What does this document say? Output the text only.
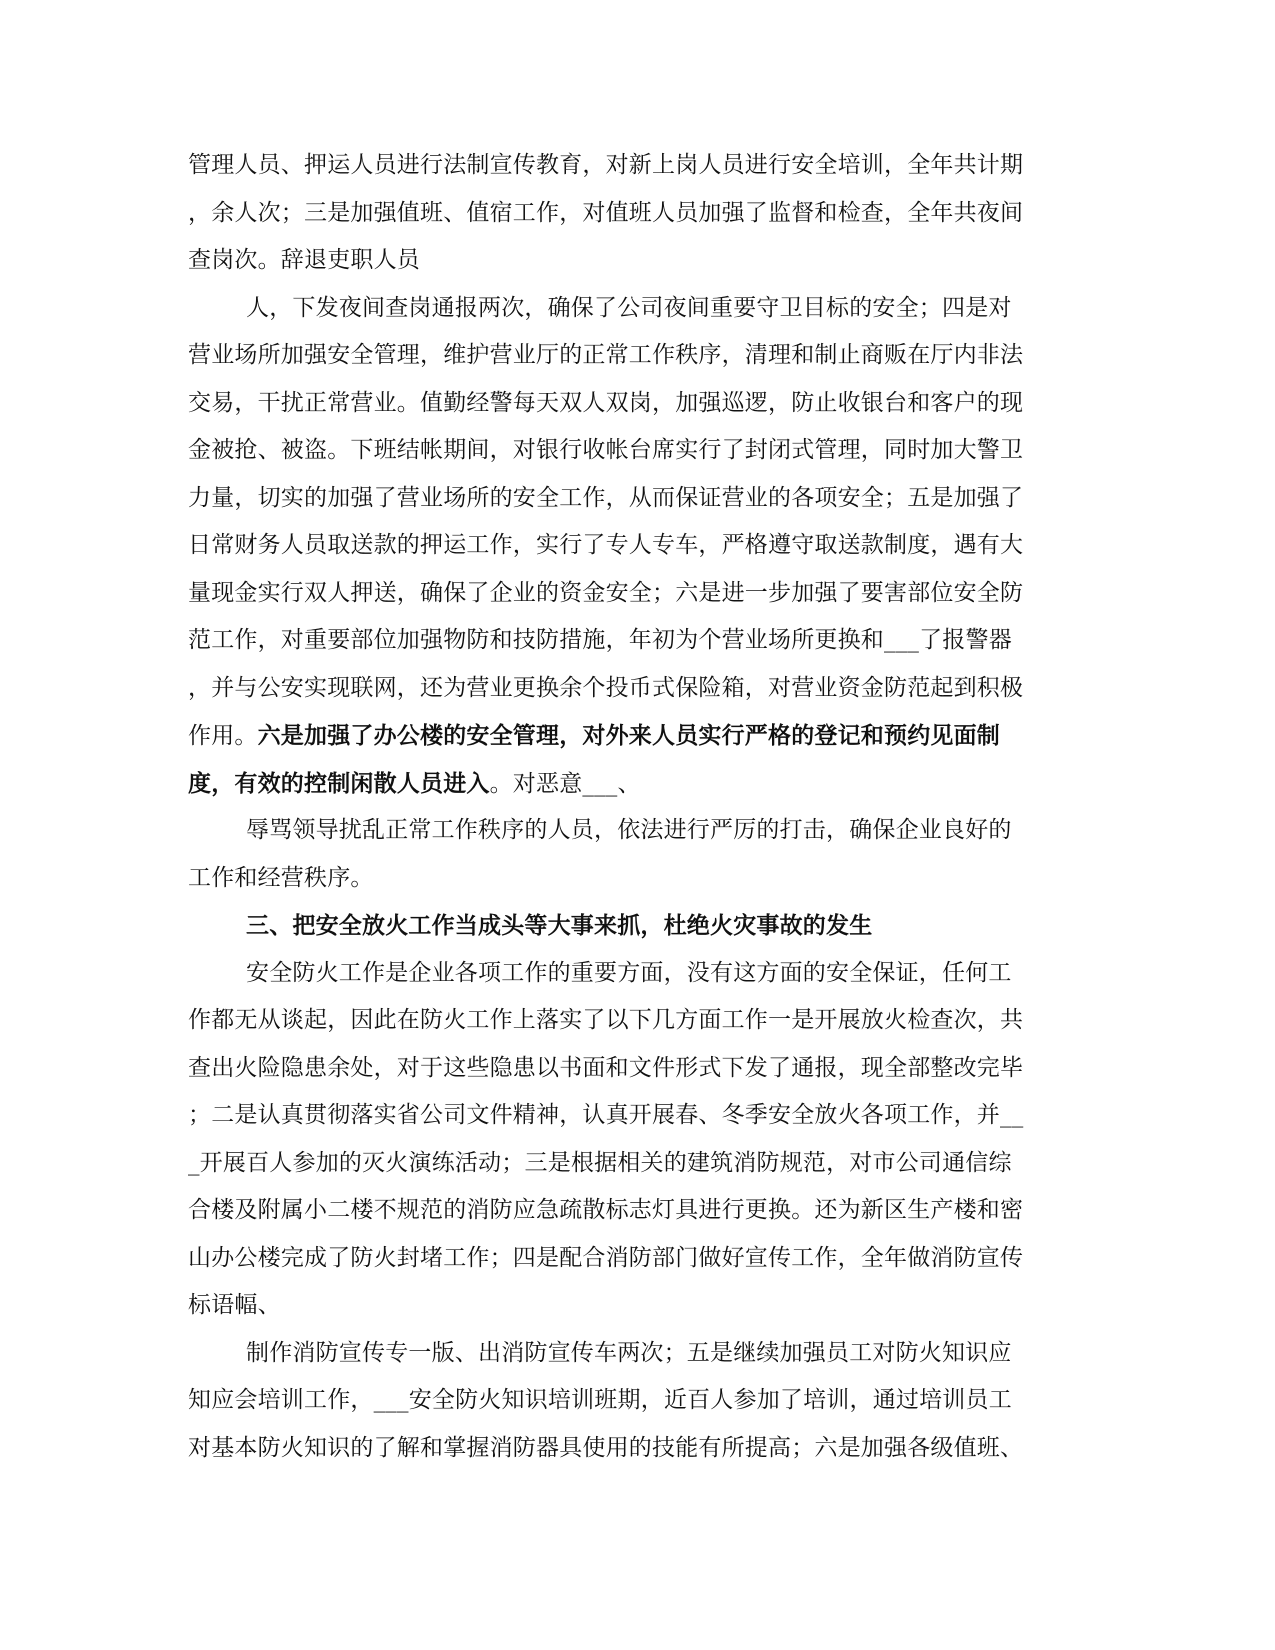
管理人员、押运人员进行法制宣传教育，对新上岗人员进行安全培训，全年共计期
，余人次；三是加强值班、值宿工作，对值班人员加强了监督和检查，全年共夜间
查岗次。辞退吏职人员
人，下发夜间查岗通报两次，确保了公司夜间重要守卫目标的安全；四是对
营业场所加强安全管理，维护营业厅的正常工作秩序，清理和制止商贩在厅内非法
交易，干扰正常营业。值勤经警每天双人双岗，加强巡逻，防止收银台和客户的现
金被抢、被盗。下班结帐期间，对银行收帐台席实行了封闭式管理，同时加大警卫
力量，切实的加强了营业场所的安全工作，从而保证营业的各项安全；五是加强了
日常财务人员取送款的押运工作，实行了专人专车，严格遵守取送款制度，遇有大
量现金实行双人押送，确保了企业的资金安全；六是进一步加强了要害部位安全防
范工作，对重要部位加强物防和技防措施，年初为个营业场所更换和___了报警器
，并与公安实现联网，还为营业更换余个投币式保险箱，对营业资金防范起到积极
作用。六是加强了办公楼的安全管理，对外来人员实行严格的登记和预约见面制
度，有效的控制闲散人员进入。对恶意___、
辱骂领导扰乱正常工作秩序的人员，依法进行严厉的打击，确保企业良好的
工作和经营秩序。
三、把安全放火工作当成头等大事来抓，杜绝火灾事故的发生
安全防火工作是企业各项工作的重要方面，没有这方面的安全保证，任何工
作都无从谈起，因此在防火工作上落实了以下几方面工作一是开展放火检查次，共
查出火险隐患余处，对于这些隐患以书面和文件形式下发了通报，现全部整改完毕
；二是认真贯彻落实省公司文件精神，认真开展春、冬季安全放火各项工作，并__
_开展百人参加的灭火演练活动；三是根据相关的建筑消防规范，对市公司通信综
合楼及附属小二楼不规范的消防应急疏散标志灯具进行更换。还为新区生产楼和密
山办公楼完成了防火封堵工作；四是配合消防部门做好宣传工作，全年做消防宣传
标语幅、
制作消防宣传专一版、出消防宣传车两次；五是继续加强员工对防火知识应
知应会培训工作，___安全防火知识培训班期，近百人参加了培训，通过培训员工
对基本防火知识的了解和掌握消防器具使用的技能有所提高；六是加强各级值班、
